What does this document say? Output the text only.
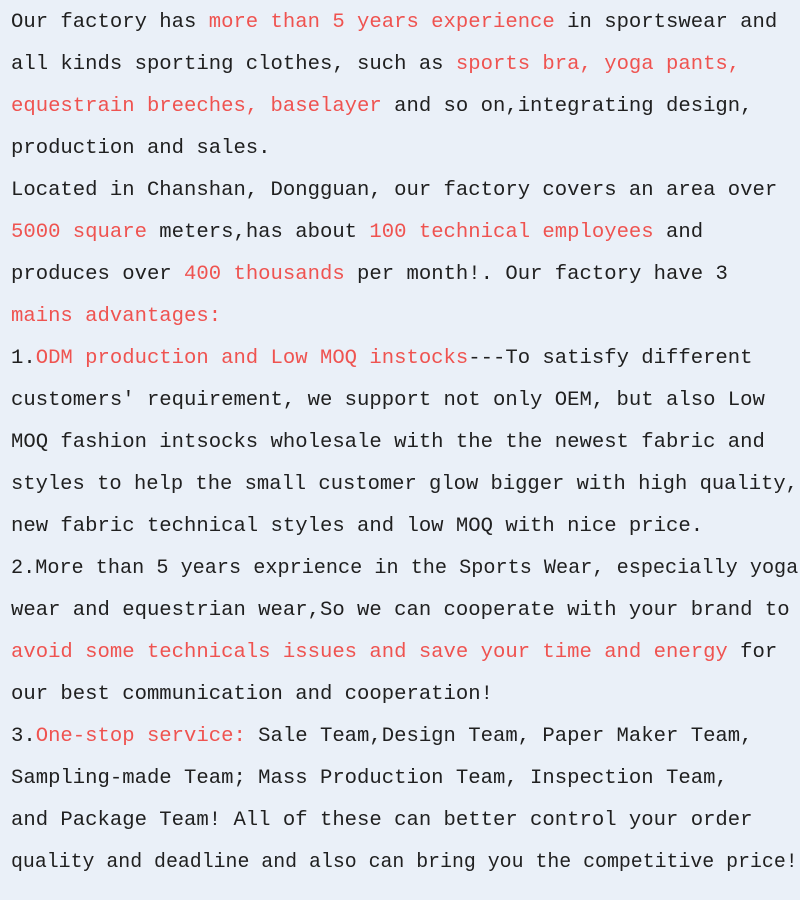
Our factory has more than 5 years experience in sportswear and
all kinds sporting clothes, such as sports bra, yoga pants,
equestrain breeches, baselayer and so on,integrating design,
production and sales.
Located in Chanshan, Dongguan, our factory covers an area over
5000 square meters,has about 100 technical employees and
produces over 400 thousands per month!. Our factory have 3
mains advantages:
1.ODM production and Low MOQ instocks---To satisfy different
customers' requirement, we support not only OEM, but also Low
MOQ fashion intsocks wholesale with the the newest fabric and
styles to help the small customer glow bigger with high quality,
new fabric technical styles and low MOQ with nice price.
2.More than 5 years exprience in the Sports Wear, especially yoga
wear and equestrian wear,So we can cooperate with your brand to
avoid some technicals issues and save your time and energy for
our best communication and cooperation!
3.One-stop service: Sale Team,Design Team, Paper Maker Team,
Sampling-made Team; Mass Production Team, Inspection Team,
and Package Team! All of these can better control your order
quality and deadline and also can bring you the competitive price!
